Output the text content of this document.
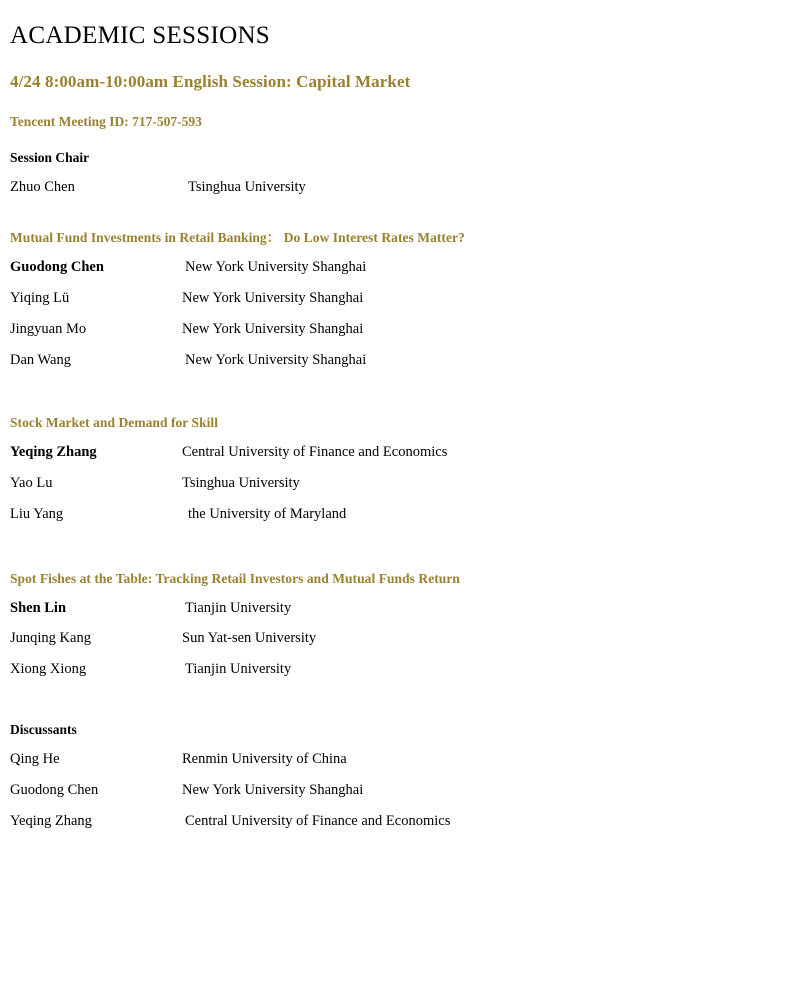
ACADEMIC SESSIONS
4/24 8:00am-10:00am English Session: Capital Market
Tencent Meeting ID: 717-507-593
Session Chair
Zhuo Chen	Tsinghua University
Mutual Fund Investments in Retail Banking： Do Low Interest Rates Matter?
Guodong Chen	New York University Shanghai
Yiqing Lü	New York University Shanghai
Jingyuan Mo	New York University Shanghai
Dan Wang	New York University Shanghai
Stock Market and Demand for Skill
Yeqing Zhang	Central University of Finance and Economics
Yao Lu	Tsinghua University
Liu Yang	the University of Maryland
Spot Fishes at the Table: Tracking Retail Investors and Mutual Funds Return
Shen Lin	Tianjin University
Junqing Kang	Sun Yat-sen University
Xiong Xiong	Tianjin University
Discussants
Qing He	Renmin University of China
Guodong Chen	New York University Shanghai
Yeqing Zhang	Central University of Finance and Economics
